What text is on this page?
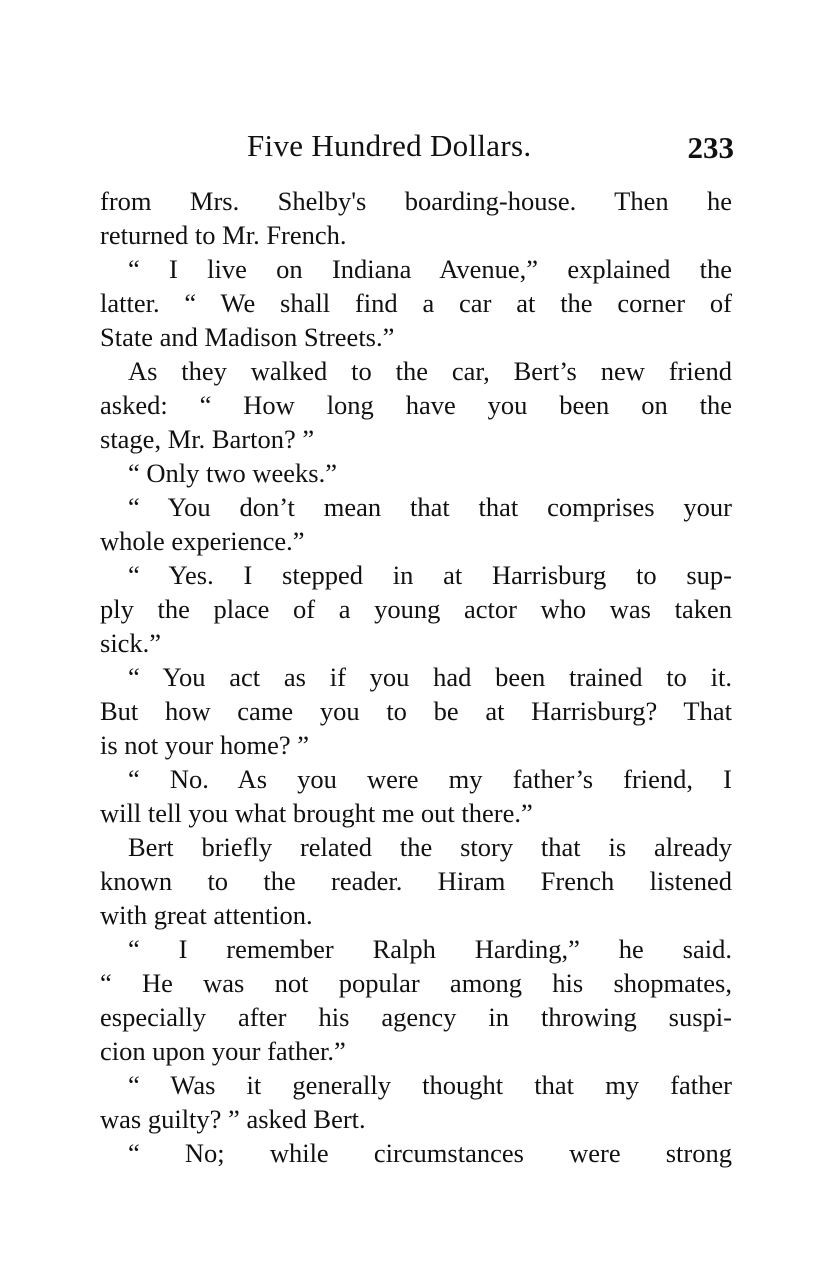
Five Hundred Dollars.	233
from Mrs. Shelby's boarding-house. Then he
returned to Mr. French.
“ I live on Indiana Avenue,” explained the
latter. “ We shall find a car at the corner of
State and Madison Streets.”
As they walked to the car, Bert’s new friend
asked: “ How long have you been on the
stage, Mr. Barton? ”
“ Only two weeks.”
“ You don’t mean that that comprises your
whole experience.”
“ Yes. I stepped in at Harrisburg to sup-
ply the place of a young actor who was taken
sick.”
“ You act as if you had been trained to it.
But how came you to be at Harrisburg? That
is not your home? ”
“ No. As you were my father’s friend, I
will tell you what brought me out there.”
Bert briefly related the story that is already
known to the reader. Hiram French listened
with great attention.
“ I remember Ralph Harding,” he said.
“ He was not popular among his shopmates,
especially after his agency in throwing suspi-
cion upon your father.”
“ Was it generally thought that my father
was guilty? ” asked Bert.
“ No; while circumstances were strong
